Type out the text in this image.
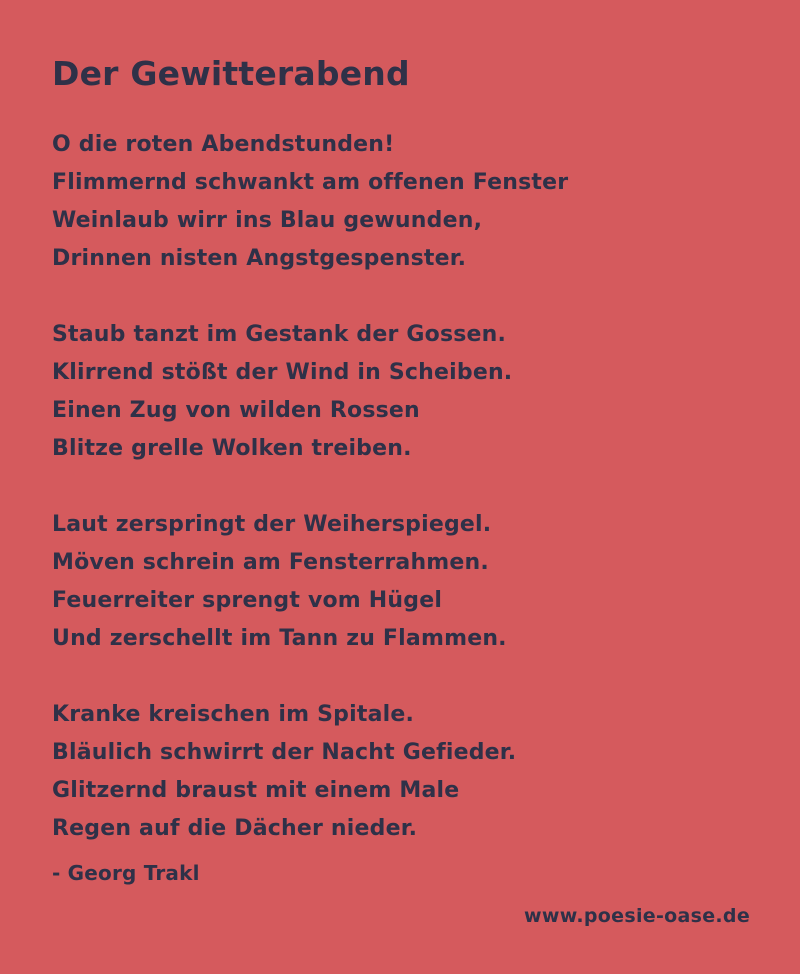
Der Gewitterabend
O die roten Abendstunden!
Flimmernd schwankt am offenen Fenster
Weinlaub wirr ins Blau gewunden,
Drinnen nisten Angstgespenster.
Staub tanzt im Gestank der Gossen.
Klirrend stößt der Wind in Scheiben.
Einen Zug von wilden Rossen
Blitze grelle Wolken treiben.
Laut zerspringt der Weiherspiegel.
Möven schrein am Fensterrahmen.
Feuerreiter sprengt vom Hügel
Und zerschellt im Tann zu Flammen.
Kranke kreischen im Spitale.
Bläulich schwirrt der Nacht Gefieder.
Glitzernd braust mit einem Male
Regen auf die Dächer nieder.
- Georg Trakl
www.poesie-oase.de
